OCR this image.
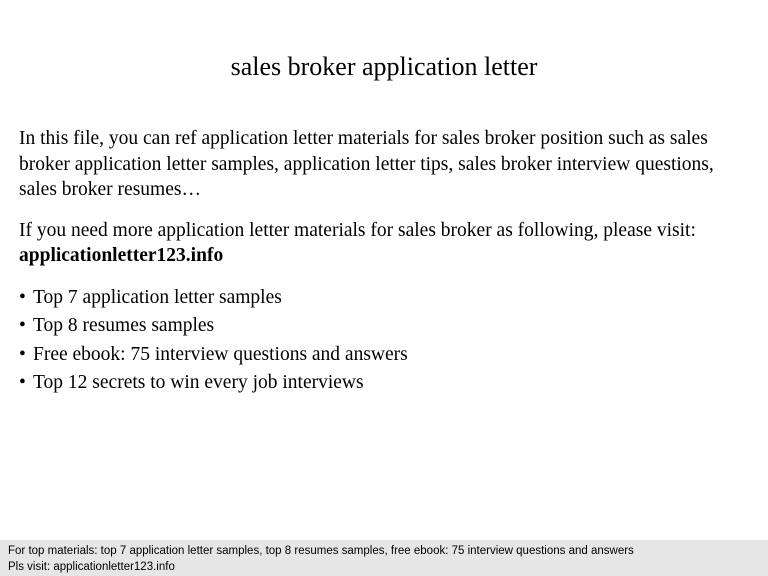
sales broker application letter

In this file, you can ref application letter materials for sales broker position such as sales broker application letter samples, application letter tips, sales broker interview questions, sales broker resumes…

If you need more application letter materials for sales broker as following, please visit: applicationletter123.info

• Top 7 application letter samples
• Top 8 resumes samples
• Free ebook: 75 interview questions and answers
• Top 12 secrets to win every job interviews
For top materials: top 7 application letter samples, top 8 resumes samples, free ebook: 75 interview questions and answers
Pls visit: applicationletter123.info
